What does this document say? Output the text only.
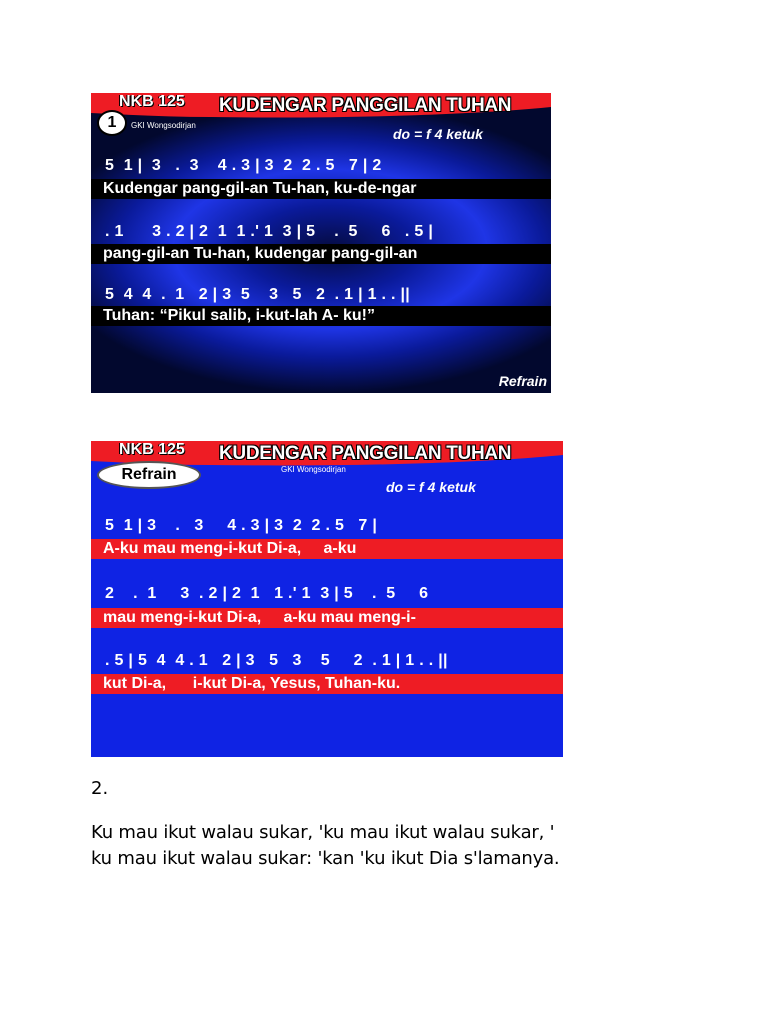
NKB 125 KUDENGAR PANGGILAN TUHAN
1	GKI Wongsodirjan
do = f 4 ketuk
5  1 |  3   .  3    4 . 3 | 3  2  2 . 5   7 | 2
Kudengar pang-gil-an Tu-han, ku-de-ngar
. 1      3 . 2 | 2  1  1 .' 1  3 | 5    .  5     6   . 5 |
pang-gil-an Tu-han, kudengar pang-gil-an
5  4  4  .  1   2 | 3  5    3   5   2  . 1 | 1 . . ||
Tuhan: “Pikul salib, i-kut-lah A- ku!”
Refrain
NKB 125 KUDENGAR PANGGILAN TUHAN
Refrain	GKI Wongsodirjan
do = f 4 ketuk
5  1 | 3    .   3     4 . 3 | 3  2  2 . 5   7 |
A-ku mau meng-i-kut Di-a,     a-ku
2    .  1     3  . 2 | 2  1   1 .' 1  3 | 5    .  5     6
mau meng-i-kut Di-a,     a-ku mau meng-i-
. 5 | 5  4  4 . 1   2 | 3   5   3    5     2  . 1 | 1 . . ||
kut Di-a,      i-kut Di-a, Yesus, Tuhan-ku.
2.
Ku mau ikut walau sukar, 'ku mau ikut walau sukar, '
ku mau ikut walau sukar: 'kan 'ku ikut Dia s'lamanya.
